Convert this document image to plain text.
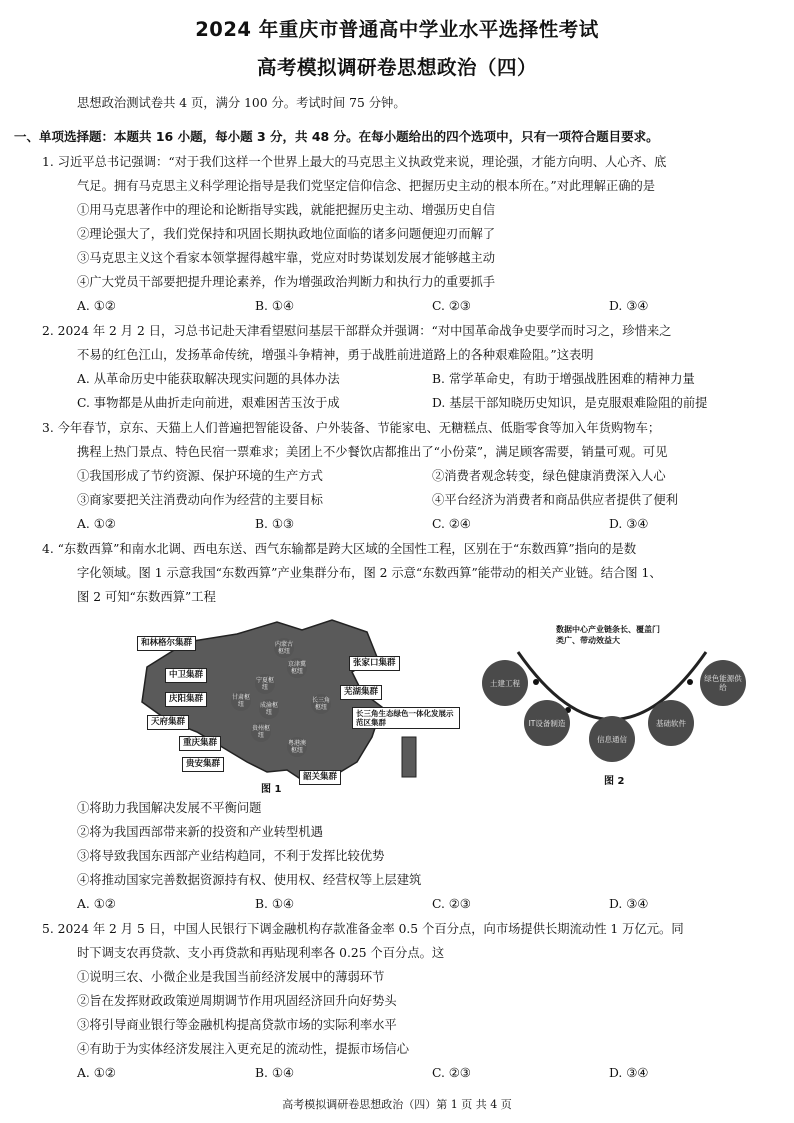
2024 年重庆市普通高中学业水平选择性考试
高考模拟调研卷思想政治（四）
思想政治测试卷共 4 页，满分 100 分。考试时间 75 分钟。
一、单项选择题：本题共 16 小题，每小题 3 分，共 48 分。在每小题给出的四个选项中，只有一项符合题目要求。
1. 习近平总书记强调：“对于我们这样一个世界上最大的马克思主义执政党来说，理论强，才能方向明、人心齐、底
气足。拥有马克思主义科学理论指导是我们党坚定信仰信念、把握历史主动的根本所在。”对此理解正确的是
①用马克思著作中的理论和论断指导实践，就能把握历史主动、增强历史自信
②理论强大了，我们党保持和巩固长期执政地位面临的诸多问题便迎刃而解了
③马克思主义这个看家本领掌握得越牢靠，党应对时势谋划发展才能够越主动
④广大党员干部要把提升理论素养，作为增强政治判断力和执行力的重要抓手
A. ①②	B. ①④	C. ②③	D. ③④
2. 2024 年 2 月 2 日，习总书记赴天津看望慰问基层干部群众并强调：“对中国革命战争史要学而时习之，珍惜来之
不易的红色江山，发扬革命传统，增强斗争精神，勇于战胜前进道路上的各种艰难险阻。”这表明
A. 从革命历史中能获取解决现实问题的具体办法	B. 常学革命史，有助于增强战胜困难的精神力量
C. 事物都是从曲折走向前进，艰难困苦玉汝于成	D. 基层干部知晓历史知识，是克服艰难险阻的前提
3. 今年春节，京东、天猫上人们普遍把智能设备、户外装备、节能家电、无糖糕点、低脂零食等加入年货购物车；
携程上热门景点、特色民宿一票难求；美团上不少餐饮店都推出了“小份菜”，满足顾客需要，销量可观。可见
①我国形成了节约资源、保护环境的生产方式	②消费者观念转变，绿色健康消费深入人心
③商家要把关注消费动向作为经营的主要目标	④平台经济为消费者和商品供应者提供了便利
A. ①②	B. ①③	C. ②④	D. ③④
4. “东数西算”和南水北调、西电东送、西气东输都是跨大区域的全国性工程，区别在于“东数西算”指向的是数
字化领域。图 1 示意我国“东数西算”产业集群分布，图 2 示意“东数西算”能带动的相关产业链。结合图 1、
图 2 可知“东数西算”工程
和林格尔集群
中卫集群
庆阳集群
天府集群
重庆集群
贵安集群
张家口集群
芜湖集群
长三角生态绿色一体化发展示范区集群
韶关集群
内蒙古枢纽
京津冀枢纽
宁夏枢纽
甘肃枢纽	成渝枢纽
长三角枢纽
贵州枢纽
粤港澳枢纽
图 1
数据中心产业链条长、覆盖门类广、带动效益大
土建工程
IT设备制造
信息通信
基础软件
绿色能源供给
图 2
①将助力我国解决发展不平衡问题
②将为我国西部带来新的投资和产业转型机遇
③将导致我国东西部产业结构趋同，不利于发挥比较优势
④将推动国家完善数据资源持有权、使用权、经营权等上层建筑
A. ①②	B. ①④	C. ②③	D. ③④
5. 2024 年 2 月 5 日，中国人民银行下调金融机构存款准备金率 0.5 个百分点，向市场提供长期流动性 1 万亿元。同
时下调支农再贷款、支小再贷款和再贴现利率各 0.25 个百分点。这
①说明三农、小微企业是我国当前经济发展中的薄弱环节
②旨在发挥财政政策逆周期调节作用巩固经济回升向好势头
③将引导商业银行等金融机构提高贷款市场的实际利率水平
④有助于为实体经济发展注入更充足的流动性，提振市场信心
A. ①②	B. ①④	C. ②③	D. ③④
高考模拟调研卷思想政治（四）第 1 页 共 4 页
